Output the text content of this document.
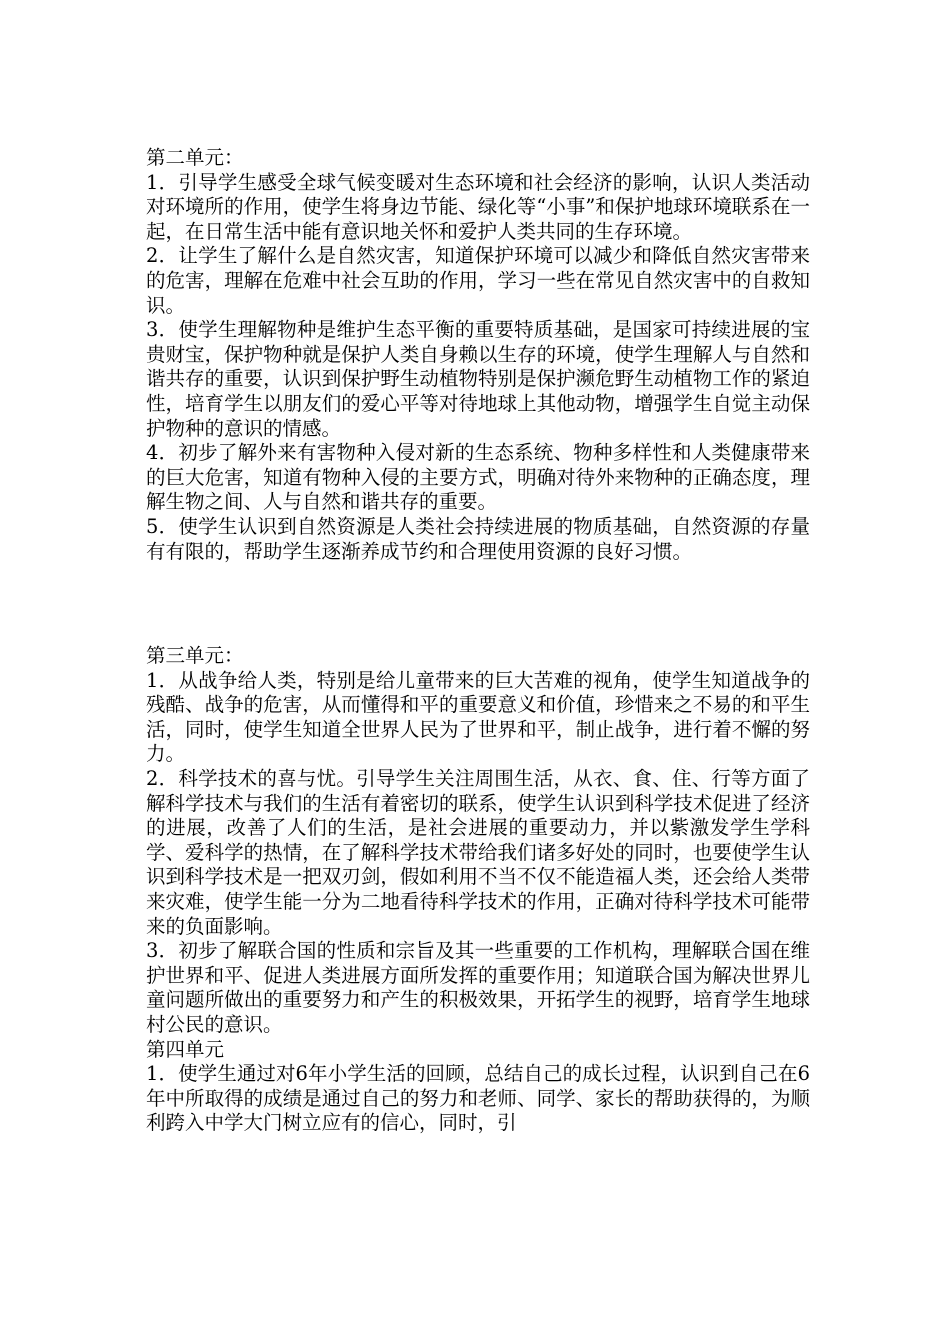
第二单元：

1．引导学生感受全球气候变暖对生态环境和社会经济的影响，认识人类活动对环境所的作用，使学生将身边节能、绿化等“小事”和保护地球环境联系在一起，在日常生活中能有意识地关怀和爱护人类共同的生存环境。

2．让学生了解什么是自然灾害，知道保护环境可以减少和降低自然灾害带来的危害，理解在危难中社会互助的作用，学习一些在常见自然灾害中的自救知识。

3．使学生理解物种是维护生态平衡的重要特质基础，是国家可持续进展的宝贵财宝，保护物种就是保护人类自身赖以生存的环境，使学生理解人与自然和谐共存的重要，认识到保护野生动植物特别是保护濒危野生动植物工作的紧迫性，培育学生以朋友们的爱心平等对待地球上其他动物，增强学生自觉主动保护物种的意识的情感。

4．初步了解外来有害物种入侵对新的生态系统、物种多样性和人类健康带来的巨大危害，知道有物种入侵的主要方式，明确对待外来物种的正确态度，理解生物之间、人与自然和谐共存的重要。

5．使学生认识到自然资源是人类社会持续进展的物质基础，自然资源的存量有有限的，帮助学生逐渐养成节约和合理使用资源的良好习惯。

第三单元：

1．从战争给人类，特别是给儿童带来的巨大苦难的视角，使学生知道战争的残酷、战争的危害，从而懂得和平的重要意义和价值，珍惜来之不易的和平生活，同时，使学生知道全世界人民为了世界和平，制止战争，进行着不懈的努力。

2．科学技术的喜与忧。引导学生关注周围生活，从衣、食、住、行等方面了解科学技术与我们的生活有着密切的联系，使学生认识到科学技术促进了经济的进展，改善了人们的生活，是社会进展的重要动力，并以紫激发学生学科学、爱科学的热情，在了解科学技术带给我们诸多好处的同时，也要使学生认识到科学技术是一把双刃剑，假如利用不当不仅不能造福人类，还会给人类带来灾难，使学生能一分为二地看待科学技术的作用，正确对待科学技术可能带来的负面影响。

3．初步了解联合国的性质和宗旨及其一些重要的工作机构，理解联合国在维护世界和平、促进人类进展方面所发挥的重要作用；知道联合国为解决世界儿童问题所做出的重要努力和产生的积极效果，开拓学生的视野，培育学生地球村公民的意识。

第四单元

1．使学生通过对6年小学生活的回顾，总结自己的成长过程，认识到自己在6年中所取得的成绩是通过自己的努力和老师、同学、家长的帮助获得的，为顺利跨入中学大门树立应有的信心，同时，引
